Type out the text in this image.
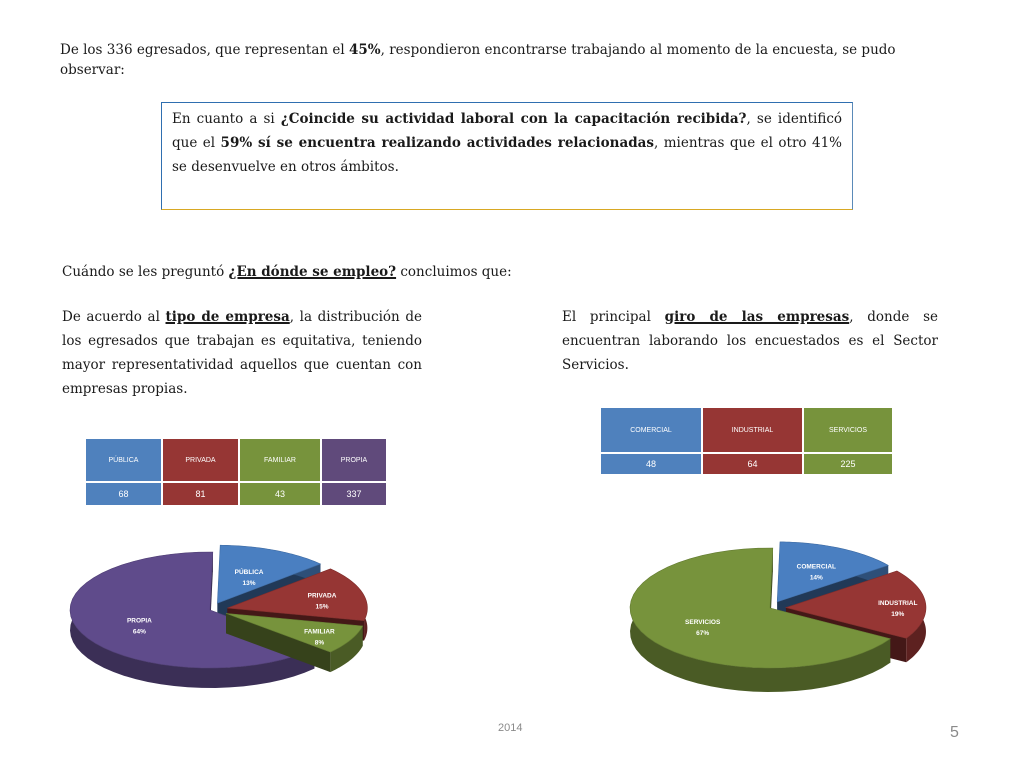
De los 336 egresados, que representan el 45%, respondieron encontrarse trabajando al momento de la encuesta, se pudo observar:
En cuanto a si ¿Coincide su actividad laboral con la capacitación recibida?, se identificó que el 59% sí se encuentra realizando actividades relacionadas, mientras que el otro 41% se desenvuelve en otros ámbitos.
Cuándo se les preguntó ¿En dónde se empleo? concluimos que:
De acuerdo al tipo de empresa, la distribución de los egresados que trabajan es equitativa, teniendo mayor representatividad aquellos que cuentan con empresas propias.
El principal giro de las empresas, donde se encuentran laborando los encuestados es el Sector Servicios.
PÚBLICA	PRIVADA	FAMILIAR	PROPIA
68	81	43	337
COMERCIAL	INDUSTRIAL	SERVICIOS
48	64	225
PÚBLICA
13%
PRIVADA
15%
FAMILIAR
8%
PROPIA
64%
COMERCIAL
14%
INDUSTRIAL
19%
SERVICIOS
67%
2014	5
